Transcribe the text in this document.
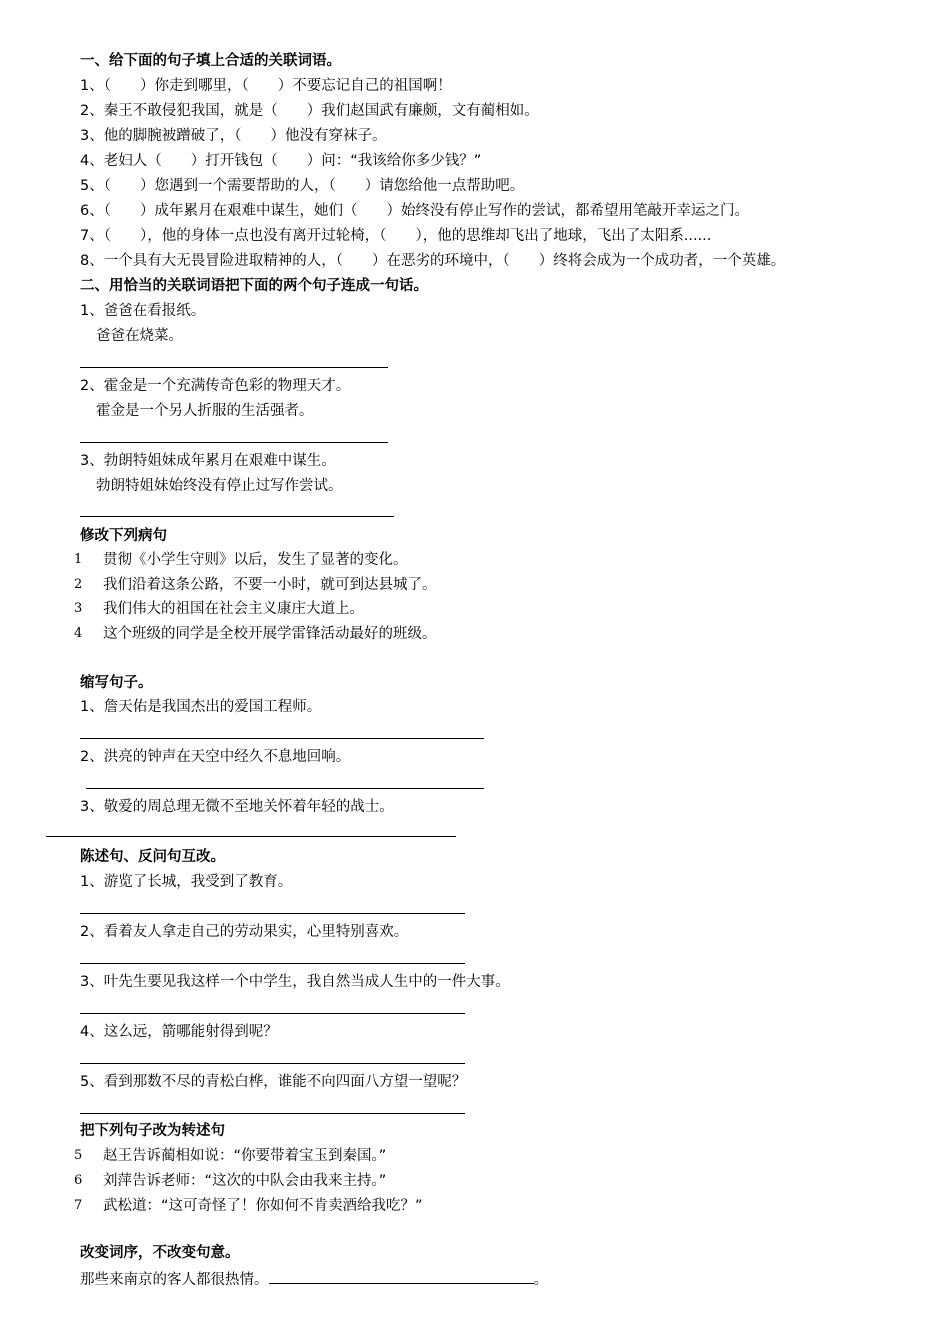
一、给下面的句子填上合适的关联词语。
1、（　　）你走到哪里，（　　）不要忘记自己的祖国啊！
2、秦王不敢侵犯我国，就是（　　）我们赵国武有廉颇，文有蔺相如。
3、他的脚腕被蹭破了，（　　）他没有穿袜子。
4、老妇人（　　）打开钱包（　　）问：“我该给你多少钱？”
5、（　　）您遇到一个需要帮助的人，（　　）请您给他一点帮助吧。
6、（　　）成年累月在艰难中谋生，她们（　　）始终没有停止写作的尝试，都希望用笔敲开幸运之门。
7、（　　），他的身体一点也没有离开过轮椅，（　　），他的思维却飞出了地球，飞出了太阳系......
8、一个具有大无畏冒险进取精神的人，（　　）在恶劣的环境中，（　　）终将会成为一个成功者，一个英雄。
二、用恰当的关联词语把下面的两个句子连成一句话。
1、爸爸在看报纸。
爸爸在烧菜。
2、霍金是一个充满传奇色彩的物理天才。
霍金是一个另人折服的生活强者。
3、勃朗特姐妹成年累月在艰难中谋生。
勃朗特姐妹始终没有停止过写作尝试。
修改下列病句
1 贯彻《小学生守则》以后，发生了显著的变化。
2 我们沿着这条公路，不要一小时，就可到达县城了。
3 我们伟大的祖国在社会主义康庄大道上。
4 这个班级的同学是全校开展学雷锋活动最好的班级。
缩写句子。
1、詹天佑是我国杰出的爱国工程师。
2、洪亮的钟声在天空中经久不息地回响。
3、敬爱的周总理无微不至地关怀着年轻的战士。
陈述句、反问句互改。
1、游览了长城，我受到了教育。
2、看着友人拿走自己的劳动果实，心里特别喜欢。
3、叶先生要见我这样一个中学生，我自然当成人生中的一件大事。
4、这么远，箭哪能射得到呢？
5、看到那数不尽的青松白桦，谁能不向四面八方望一望呢？
把下列句子改为转述句
5 赵王告诉蔺相如说：“你要带着宝玉到秦国。”
6 刘萍告诉老师：“这次的中队会由我来主持。”
7 武松道：“这可奇怪了！你如何不肯卖酒给我吃？”
改变词序，不改变句意。
那些来南京的客人都很热情。	。
